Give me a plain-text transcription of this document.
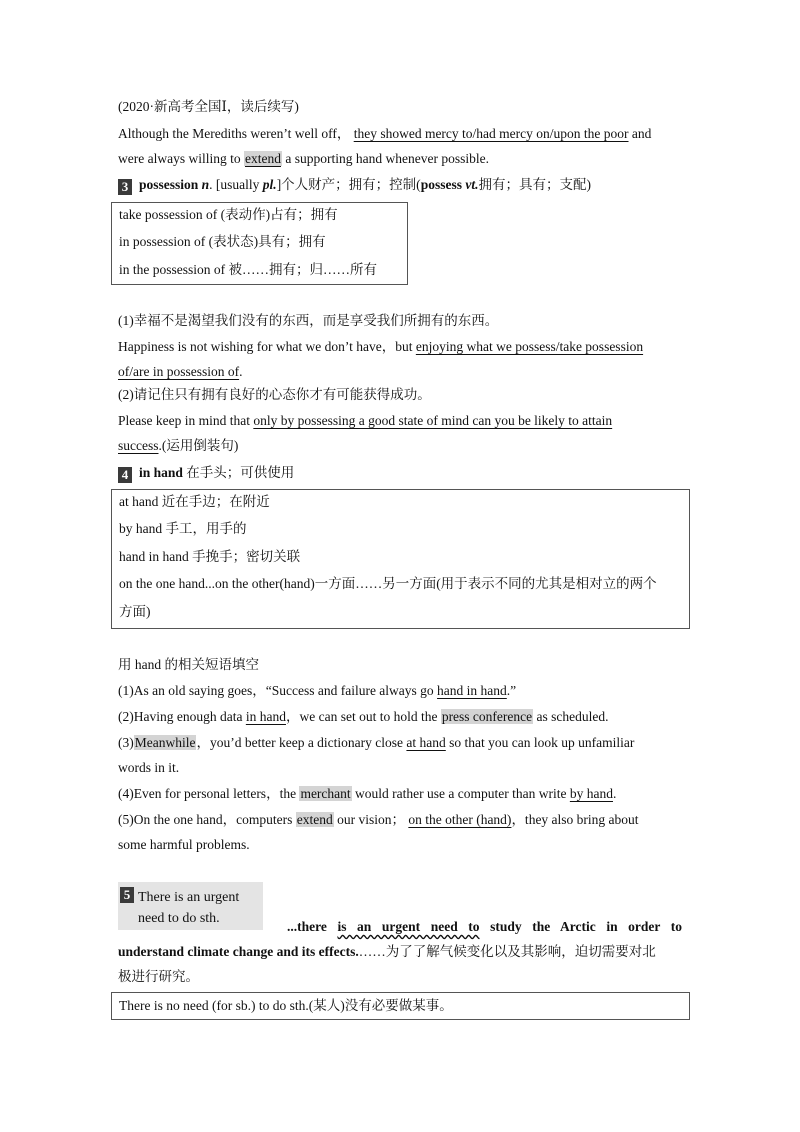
(2020·新高考全国Ⅰ，读后续写)
Although the Merediths weren’t well off， they showed mercy to/had mercy on/upon the poor and
were always willing to extend a supporting hand whenever possible.
3 possession n. [usually pl.]个人财产；拥有；控制(possess vt.拥有；具有；支配)
take possession of (表动作)占有；拥有
in possession of (表状态)具有；拥有
in the possession of 被……拥有；归……所有
(1)幸福不是渴望我们没有的东西，而是享受我们所拥有的东西。
Happiness is not wishing for what we don’t have，but enjoying what we possess/take possession
of/are in possession of.
(2)请记住只有拥有良好的心态你才有可能获得成功。
Please keep in mind that only by possessing a good state of mind can you be likely to attain
success.(运用倒装句)
4 in hand 在手头；可供使用
at hand 近在手边；在附近
by hand 手工，用手的
hand in hand 手挽手；密切关联
on the one hand...on the other(hand)一方面……另一方面(用于表示不同的尤其是相对立的两个
方面)
用 hand 的相关短语填空
(1)As an old saying goes，“Success and failure always go hand in hand.”
(2)Having enough data in hand，we can set out to hold the press conference as scheduled.
(3)Meanwhile，you’d better keep a dictionary close at hand so that you can look up unfamiliar
words in it.
(4)Even for personal letters，the merchant would rather use a computer than write by hand.
(5)On the one hand，computers extend our vision； on the other (hand)，they also bring about
some harmful problems.
5 There is an urgent
need to do sth.
...there is an urgent need to study the Arctic in order to
understand climate change and its effects.……为了了解气候变化以及其影响，迫切需要对北
极进行研究。
There is no need (for sb.) to do sth.(某人)没有必要做某事。
